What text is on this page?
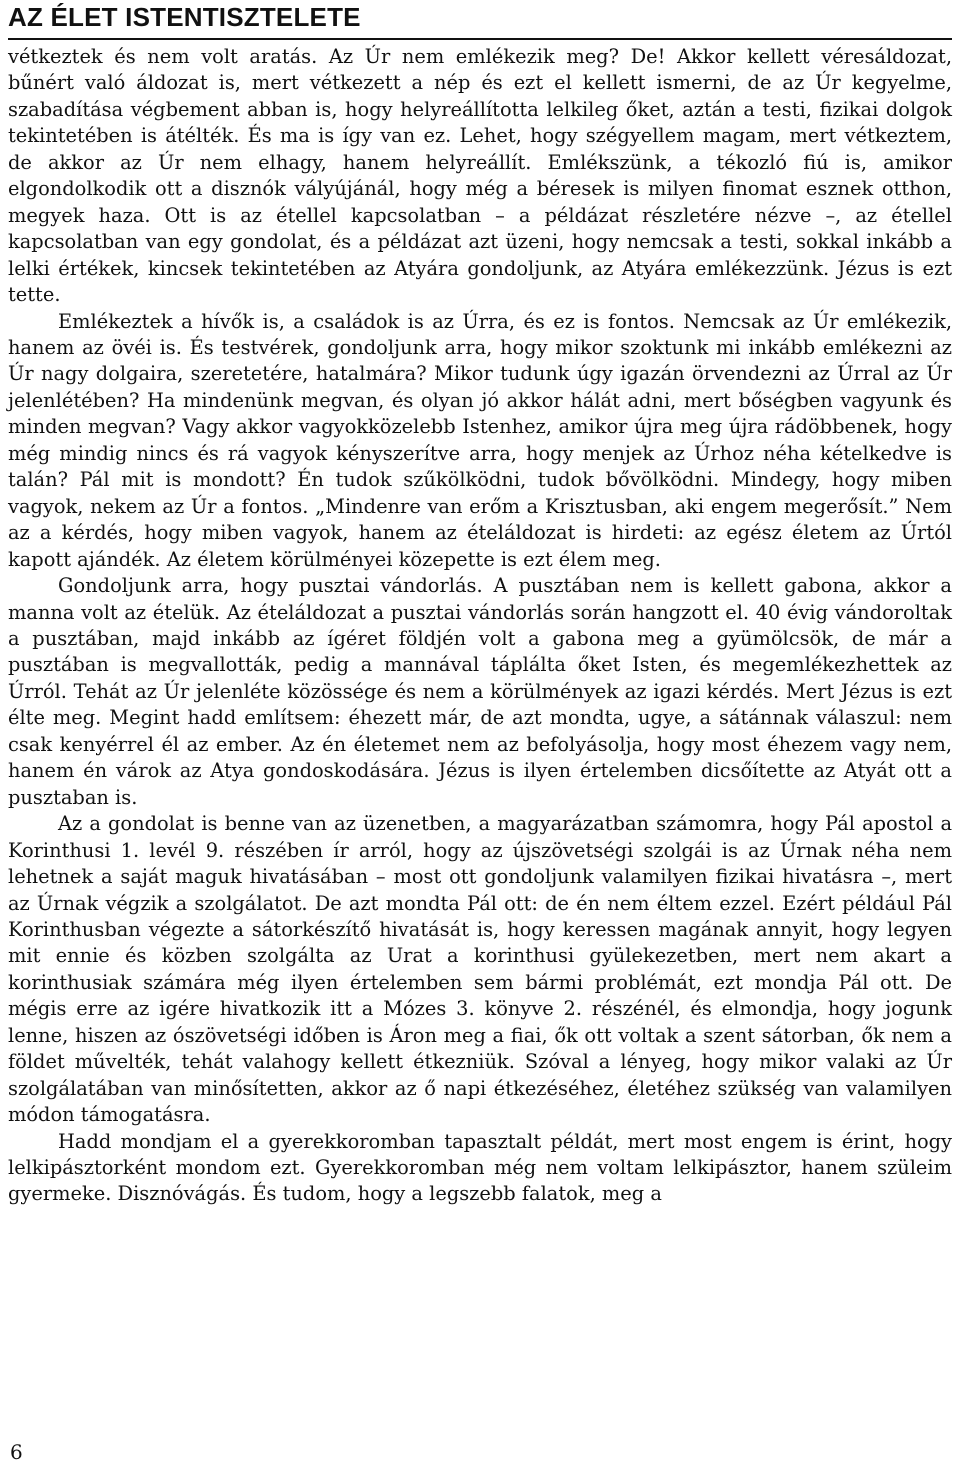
AZ ÉLET ISTENTISZTELETE

vétkeztek és nem volt aratás. Az Úr nem emlékezik meg? De! Akkor kellett véresáldozat, bűnért való áldozat is, mert vétkezett a nép és ezt el kellett ismerni, de az Úr kegyelme, szabadítása végbement abban is, hogy helyreállította lelkileg őket, aztán a testi, fizikai dolgok tekintetében is átélték. És ma is így van ez. Lehet, hogy szégyellem magam, mert vétkeztem, de akkor az Úr nem elhagy, hanem helyreállít. Emlékszünk, a tékozló fiú is, amikor elgondolkodik ott a disznók vályújánál, hogy még a béresek is milyen finomat esznek otthon, megyek haza. Ott is az étellel kapcsolatban – a példázat részletére nézve –, az étellel kapcsolatban van egy gondolat, és a példázat azt üzeni, hogy nemcsak a testi, sokkal inkább a lelki értékek, kincsek tekintetében az Atyára gondoljunk, az Atyára emlékezzünk. Jézus is ezt tette.

Emlékeztek a hívők is, a családok is az Úrra, és ez is fontos. Nemcsak az Úr emlékezik, hanem az övéi is. És testvérek, gondoljunk arra, hogy mikor szoktunk mi inkább emlékezni az Úr nagy dolgaira, szeretetére, hatalmára? Mikor tudunk úgy igazán örvendezni az Úrral az Úr jelenlétében? Ha mindenünk megvan, és olyan jó akkor hálát adni, mert bőségben vagyunk és minden megvan? Vagy akkor vagyokközelebb Istenhez, amikor újra meg újra rádöbbenek, hogy még mindig nincs és rá vagyok kényszerítve arra, hogy menjek az Úrhoz néha kételkedve is talán? Pál mit is mondott? Én tudok szűkölködni, tudok bővölködni. Mindegy, hogy miben vagyok, nekem az Úr a fontos. „Mindenre van erőm a Krisztusban, aki engem megerősít.” Nem az a kérdés, hogy miben vagyok, hanem az ételáldozat is hirdeti: az egész életem az Úrtól kapott ajándék. Az életem körülményei közepette is ezt élem meg.

Gondoljunk arra, hogy pusztai vándorlás. A pusztában nem is kellett gabona, akkor a manna volt az ételük. Az ételáldozat a pusztai vándorlás során hangzott el. 40 évig vándoroltak a pusztában, majd inkább az ígéret földjén volt a gabona meg a gyümölcsök, de már a pusztában is megvallották, pedig a mannával táplálta őket Isten, és megemlékezhettek az Úrról. Tehát az Úr jelenléte közössége és nem a körülmények az igazi kérdés. Mert Jézus is ezt élte meg. Megint hadd említsem: éhezett már, de azt mondta, ugye, a sátánnak válaszul: nem csak kenyérrel él az ember. Az én életemet nem az befolyásolja, hogy most éhezem vagy nem, hanem én várok az Atya gondoskodására. Jézus is ilyen értelemben dicsőítette az Atyát ott a pusztaban is.

Az a gondolat is benne van az üzenetben, a magyarázatban számomra, hogy Pál apostol a Korinthusi 1. levél 9. részében ír arról, hogy az újszövetségi szolgái is az Úrnak néha nem lehetnek a saját maguk hivatásában – most ott gondoljunk valamilyen fizikai hivatásra –, mert az Úrnak végzik a szolgálatot. De azt mondta Pál ott: de én nem éltem ezzel. Ezért például Pál Korinthusban végezte a sátorkészítő hivatását is, hogy keressen magának annyit, hogy legyen mit ennie és közben szolgálta az Urat a korinthusi gyülekezetben, mert nem akart a korinthusiak számára még ilyen értelemben sem bármi problémát, ezt mondja Pál ott. De mégis erre az igére hivatkozik itt a Mózes 3. könyve 2. részénél, és elmondja, hogy jogunk lenne, hiszen az ószövetségi időben is Áron meg a fiai, ők ott voltak a szent sátorban, ők nem a földet művelték, tehát valahogy kellett étkezniük. Szóval a lényeg, hogy mikor valaki az Úr szolgálatában van minősítetten, akkor az ő napi étkezéséhez, életéhez szükség van valamilyen módon támogatásra.

Hadd mondjam el a gyerekkoromban tapasztalt példát, mert most engem is érint, hogy lelkipásztorként mondom ezt. Gyerekkoromban még nem voltam lelkipásztor, hanem szüleim gyermeke. Disznóvágás. És tudom, hogy a legszebb falatok, meg a

6
